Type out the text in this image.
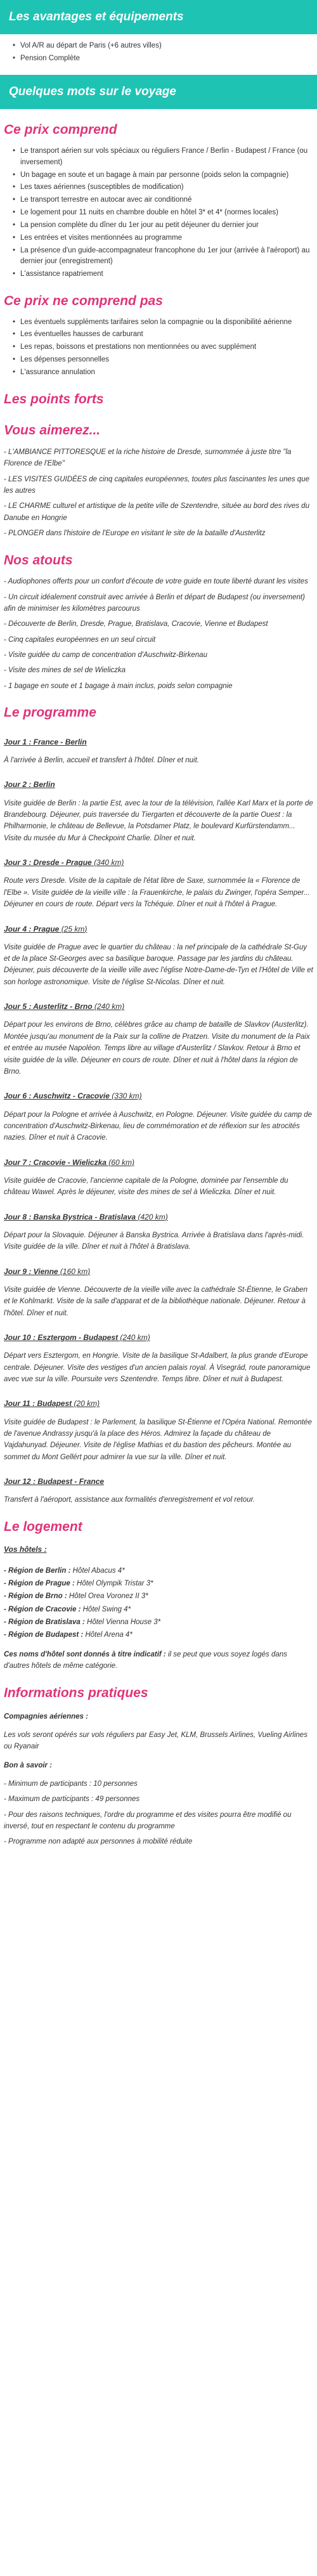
Les avantages et équipements
• Vol A/R au départ de Paris (+6 autres villes)
• Pension Complète
Quelques mots sur le voyage
Ce prix comprend
• Le transport aérien sur vols spéciaux ou réguliers France / Berlin - Budapest / France (ou inversement)
• Un bagage en soute et un bagage à main par personne (poids selon la compagnie)
• Les taxes aériennes (susceptibles de modification)
• Le transport terrestre en autocar avec air conditionné
• Le logement pour 11 nuits en chambre double en hôtel 3* et 4* (normes locales)
• La pension complète du dîner du 1er jour au petit déjeuner du dernier jour
• Les entrées et visites mentionnées au programme
• La présence d'un guide-accompagnateur francophone du 1er jour (arrivée à l'aéroport) au dernier jour (enregistrement)
• L'assistance rapatriement
Ce prix ne comprend pas
• Les éventuels suppléments tarifaires selon la compagnie ou la disponibilité aérienne
• Les éventuelles hausses de carburant
• Les repas, boissons et prestations non mentionnées ou avec supplément
• Les dépenses personnelles
• L'assurance annulation
Les points forts
Vous aimerez...

- L'AMBIANCE PITTORESQUE et la riche histoire de Dresde, surnommée à juste titre "la Florence de l'Elbe"

- LES VISITES GUIDÉES de cinq capitales européennes, toutes plus fascinantes les unes que les autres

- LE CHARME culturel et artistique de la petite ville de Szentendre, située au bord des rives du Danube en Hongrie

- PLONGER dans l'histoire de l'Europe en visitant le site de la bataille d'Austerlitz

Nos atouts

- Audiophones offerts pour un confort d'écoute de votre guide en toute liberté durant les visites

- Un circuit idéalement construit avec arrivée à Berlin et départ de Budapest (ou inversement) afin de minimiser les kilomètres parcourus

- Découverte de Berlin, Dresde, Prague, Bratislava, Cracovie, Vienne et Budapest

- Cinq capitales européennes en un seul circuit

- Visite guidée du camp de concentration d'Auschwitz-Birkenau

- Visite des mines de sel de Wieliczka

- 1 bagage en soute et 1 bagage à main inclus, poids selon compagnie

Le programme
Jour 1 : France - Berlin

À l'arrivée à Berlin, accueil et transfert à l'hôtel. Dîner et nuit.

Jour 2 : Berlin

Visite guidée de Berlin : la partie Est, avec la tour de la télévision, l'allée Karl Marx et la porte de Brandebourg. Déjeuner, puis traversée du Tiergarten et découverte de la partie Ouest : la Philharmonie, le château de Bellevue, la Potsdamer Platz, le boulevard Kurfürstendamm... Visite du musée du Mur à Checkpoint Charlie. Dîner et nuit.

Jour 3 : Dresde - Prague (340 km)

Route vers Dresde. Visite de la capitale de l'état libre de Saxe, surnommée la « Florence de l'Elbe ». Visite guidée de la vieille ville : la Frauenkirche, le palais du Zwinger, l'opéra Semper... Déjeuner en cours de route. Départ vers la Tchéquie. Dîner et nuit à l'hôtel à Prague.

Jour 4 : Prague (25 km)

Visite guidée de Prague avec le quartier du château : la nef principale de la cathédrale St-Guy et de la place St-Georges avec sa basilique baroque. Passage par les jardins du château. Déjeuner, puis découverte de la vieille ville avec l'église Notre-Dame-de-Tyn et l'Hôtel de Ville et son horloge astronomique. Visite de l'église St-Nicolas. Dîner et nuit.

Jour 5 : Austerlitz - Brno (240 km)

Départ pour les environs de Brno, célèbres grâce au champ de bataille de Slavkov (Austerlitz). Montée jusqu'au monument de la Paix sur la colline de Pratzen. Visite du monument de la Paix et entrée au musée Napoléon. Temps libre au village d'Austerlitz / Slavkov. Retour à Brno et visite guidée de la ville. Déjeuner en cours de route. Dîner et nuit à l'hôtel dans la région de Brno.

Jour 6 : Auschwitz - Cracovie (330 km)

Départ pour la Pologne et arrivée à Auschwitz, en Pologne. Déjeuner. Visite guidée du camp de concentration d'Auschwitz-Birkenau, lieu de commémoration et de réflexion sur les atrocités nazies. Dîner et nuit à Cracovie.

Jour 7 : Cracovie - Wieliczka (60 km)

Visite guidée de Cracovie, l'ancienne capitale de la Pologne, dominée par l'ensemble du château Wawel. Après le déjeuner, visite des mines de sel à Wieliczka. Dîner et nuit.

Jour 8 : Banska Bystrica - Bratislava (420 km)

Départ pour la Slovaquie. Déjeuner à Banska Bystrica. Arrivée à Bratislava dans l'après-midi. Visite guidée de la ville. Dîner et nuit à l'hôtel à Bratislava.

Jour 9 : Vienne (160 km)

Visite guidée de Vienne. Découverte de la vieille ville avec la cathédrale St-Étienne, le Graben et le Kohlmarkt. Visite de la salle d'apparat et de la bibliothèque nationale. Déjeuner. Retour à l'hôtel. Dîner et nuit.

Jour 10 : Esztergom - Budapest (240 km)

Départ vers Esztergom, en Hongrie. Visite de la basilique St-Adalbert, la plus grande d'Europe centrale. Déjeuner. Visite des vestiges d'un ancien palais royal. À Visegrád, route panoramique avec vue sur la ville. Poursuite vers Szentendre. Temps libre. Dîner et nuit à Budapest.

Jour 11 : Budapest (20 km)

Visite guidée de Budapest : le Parlement, la basilique St-Étienne et l'Opéra National. Remontée de l'avenue Andrassy jusqu'à la place des Héros. Admirez la façade du château de Vajdahunyad. Déjeuner. Visite de l'église Mathias et du bastion des pêcheurs. Montée au sommet du Mont Gellért pour admirer la vue sur la ville. Dîner et nuit.

Jour 12 : Budapest - France

Transfert à l'aéroport, assistance aux formalités d'enregistrement et vol retour.

Le logement
Vos hôtels :
- Région de Berlin : Hôtel Abacus 4*
- Région de Prague : Hôtel Olympik Tristar 3*
- Région de Brno : Hôtel Orea Voronez II 3*
- Région de Cracovie : Hôtel Swing 4*
- Région de Bratislava : Hôtel Vienna House 3*
- Région de Budapest : Hôtel Arena 4*

Ces noms d'hôtel sont donnés à titre indicatif : il se peut que vous soyez logés dans d'autres hôtels de même catégorie.

Informations pratiques
Compagnies aériennes :

Les vols seront opérés sur vols réguliers par Easy Jet, KLM, Brussels Airlines, Vueling Airlines ou Ryanair

Bon à savoir :

- Minimum de participants : 10 personnes

- Maximum de participants : 49 personnes

- Pour des raisons techniques, l'ordre du programme et des visites pourra être modifié ou inversé, tout en respectant le contenu du programme

- Programme non adapté aux personnes à mobilité réduite
